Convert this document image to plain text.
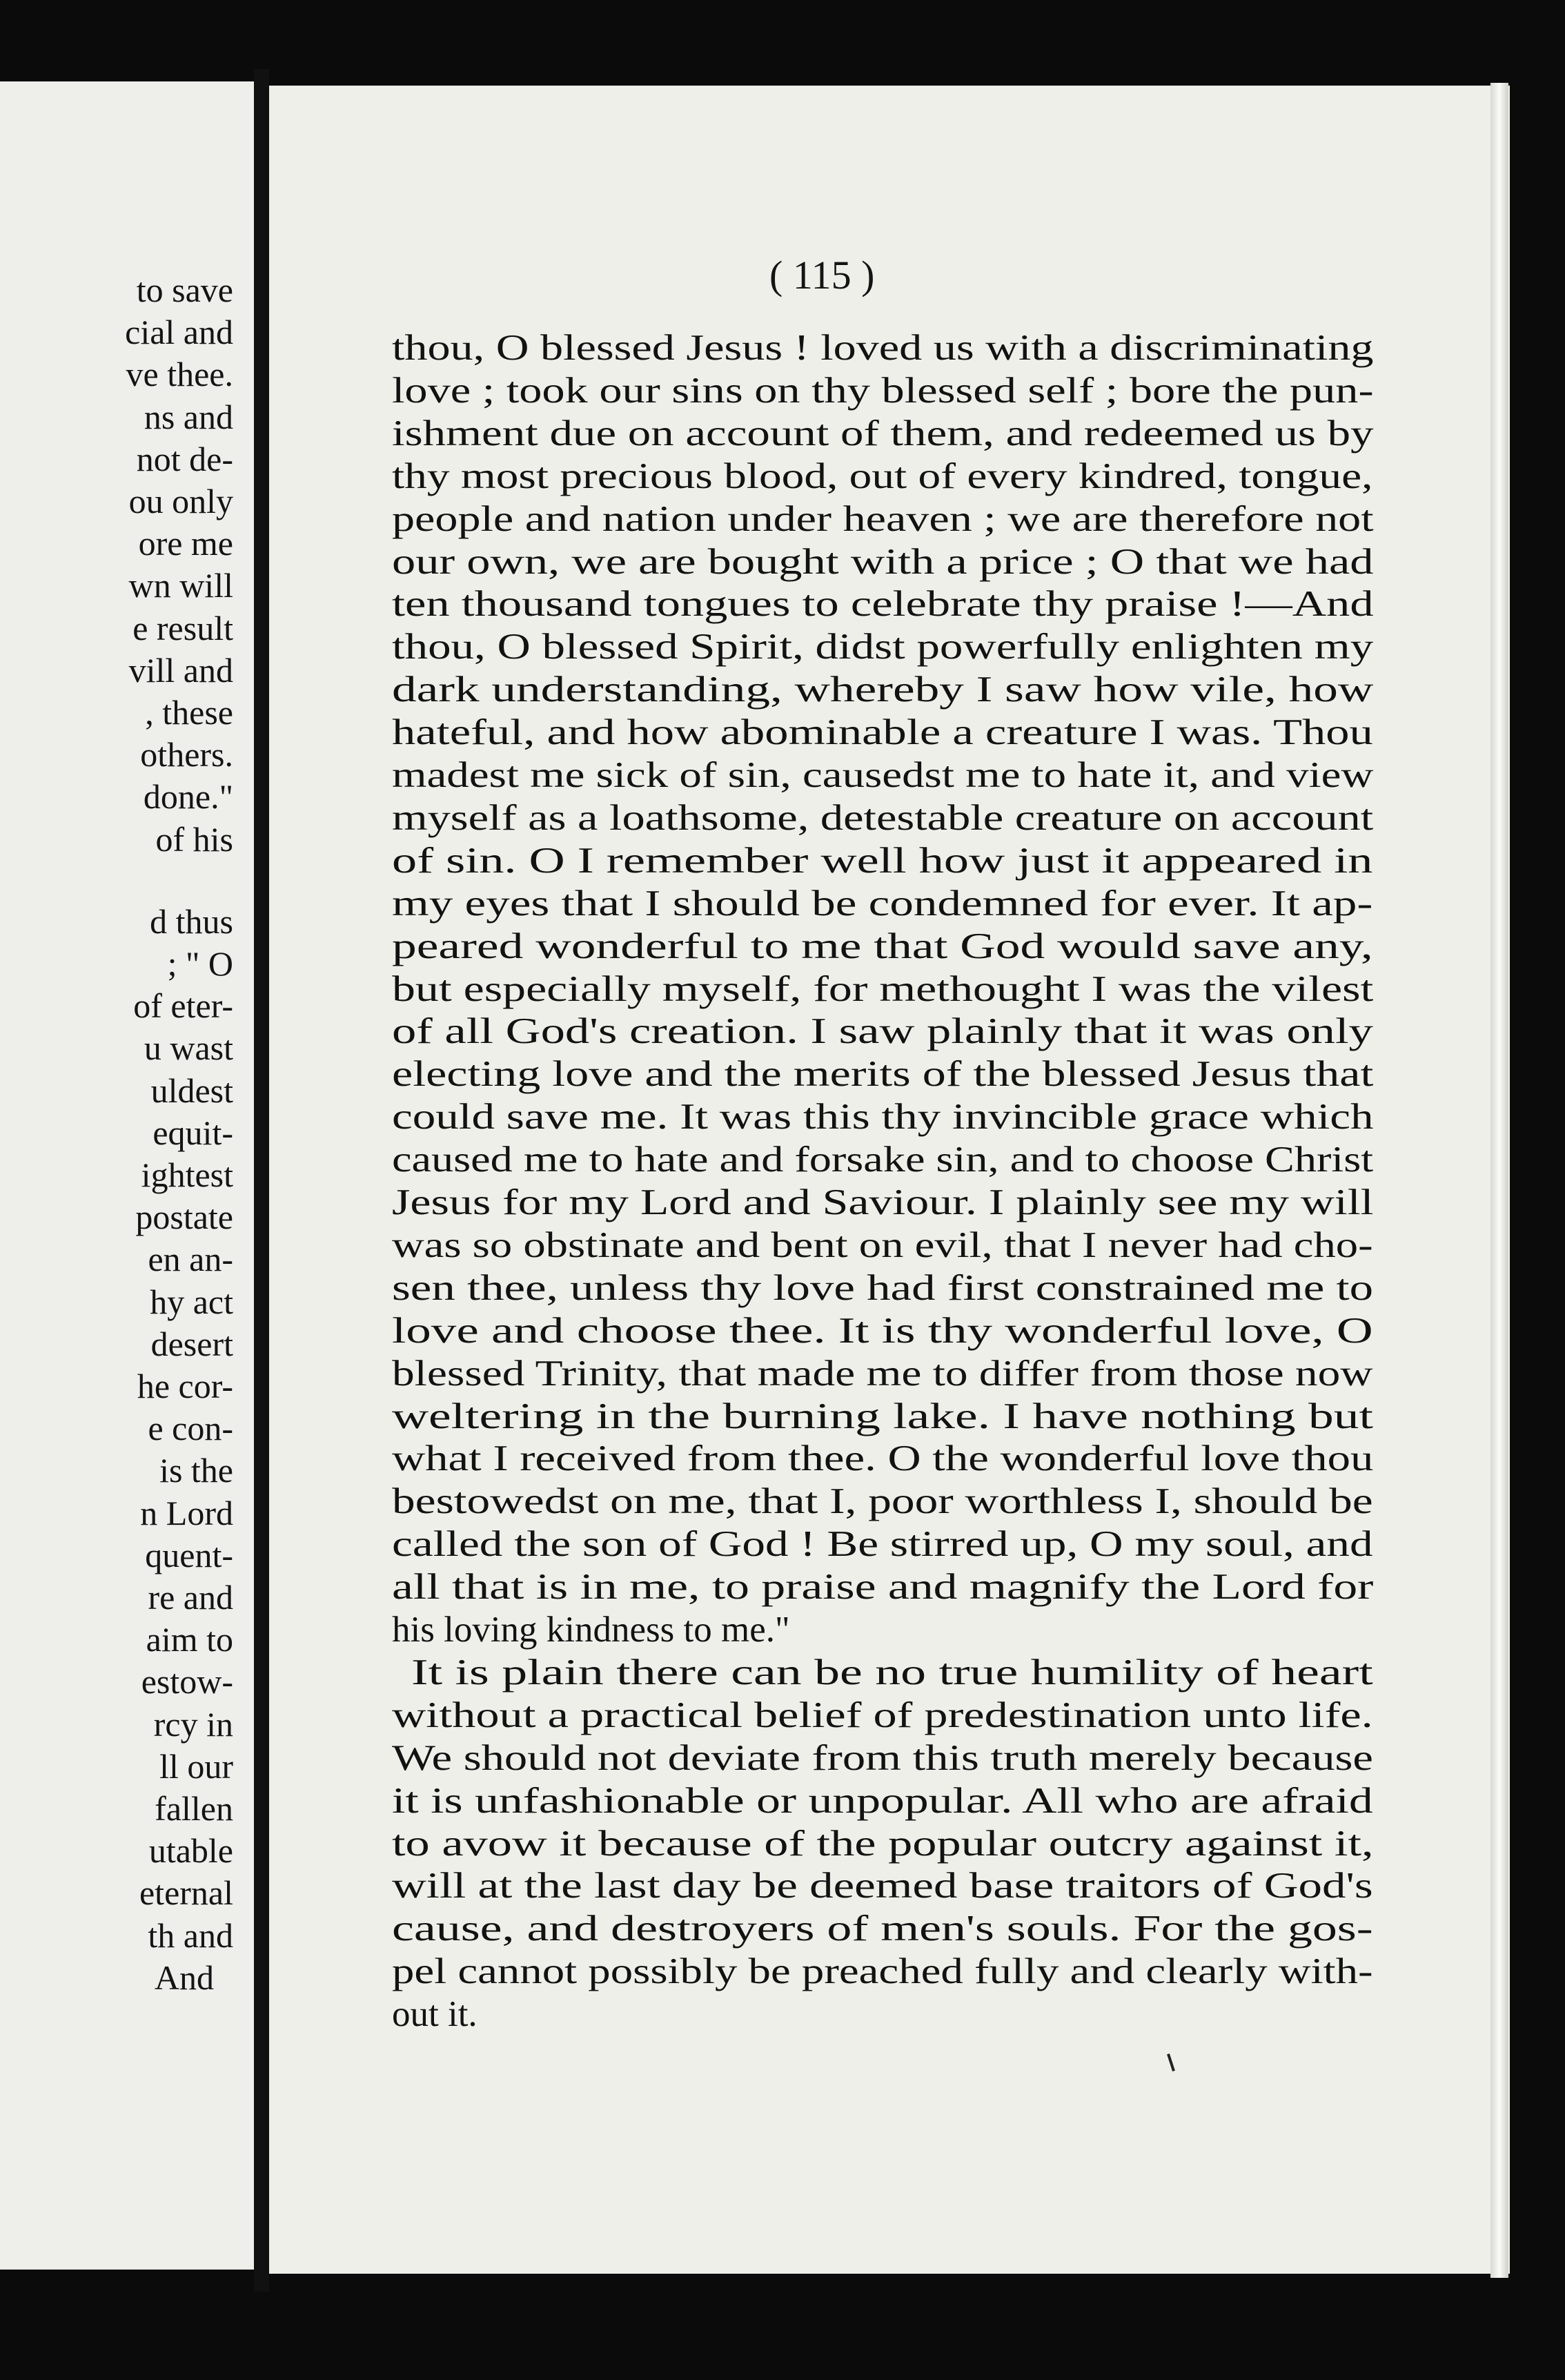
to save
cial and
ve thee.
ns and
not de-
ou only
ore me
wn will
e result
vill and
, these
others.
done."
of his
d thus
; " O
of eter-
u wast
uldest
equit-
ightest
postate
en an-
hy act
desert
he cor-
e con-
is the
n Lord
quent-
re and
aim to
estow-
rcy in
ll our
fallen
utable
eternal
th and
And
( 115 )
thou, O blessed Jesus ! loved us with a discriminating
love ; took our sins on thy blessed self ; bore the pun-
ishment due on account of them, and redeemed us by
thy most precious blood, out of every kindred, tongue,
people and nation under heaven ; we are therefore not
our own, we are bought with a price ; O that we had
ten thousand tongues to celebrate thy praise !—And
thou, O blessed Spirit, didst powerfully enlighten my
dark understanding, whereby I saw how vile, how
hateful, and how abominable a creature I was. Thou
madest me sick of sin, causedst me to hate it, and view
myself as a loathsome, detestable creature on account
of sin. O I remember well how just it appeared in
my eyes that I should be condemned for ever. It ap-
peared wonderful to me that God would save any,
but especially myself, for methought I was the vilest
of all God's creation. I saw plainly that it was only
electing love and the merits of the blessed Jesus that
could save me. It was this thy invincible grace which
caused me to hate and forsake sin, and to choose Christ
Jesus for my Lord and Saviour. I plainly see my will
was so obstinate and bent on evil, that I never had cho-
sen thee, unless thy love had first constrained me to
love and choose thee. It is thy wonderful love, O
blessed Trinity, that made me to differ from those now
weltering in the burning lake. I have nothing but
what I received from thee. O the wonderful love thou
bestowedst on me, that I, poor worthless I, should be
called the son of God ! Be stirred up, O my soul, and
all that is in me, to praise and magnify the Lord for
his loving kindness to me."
It is plain there can be no true humility of heart
without a practical belief of predestination unto life.
We should not deviate from this truth merely because
it is unfashionable or unpopular. All who are afraid
to avow it because of the popular outcry against it,
will at the last day be deemed base traitors of God's
cause, and destroyers of men's souls. For the gos-
pel cannot possibly be preached fully and clearly with-
out it.
